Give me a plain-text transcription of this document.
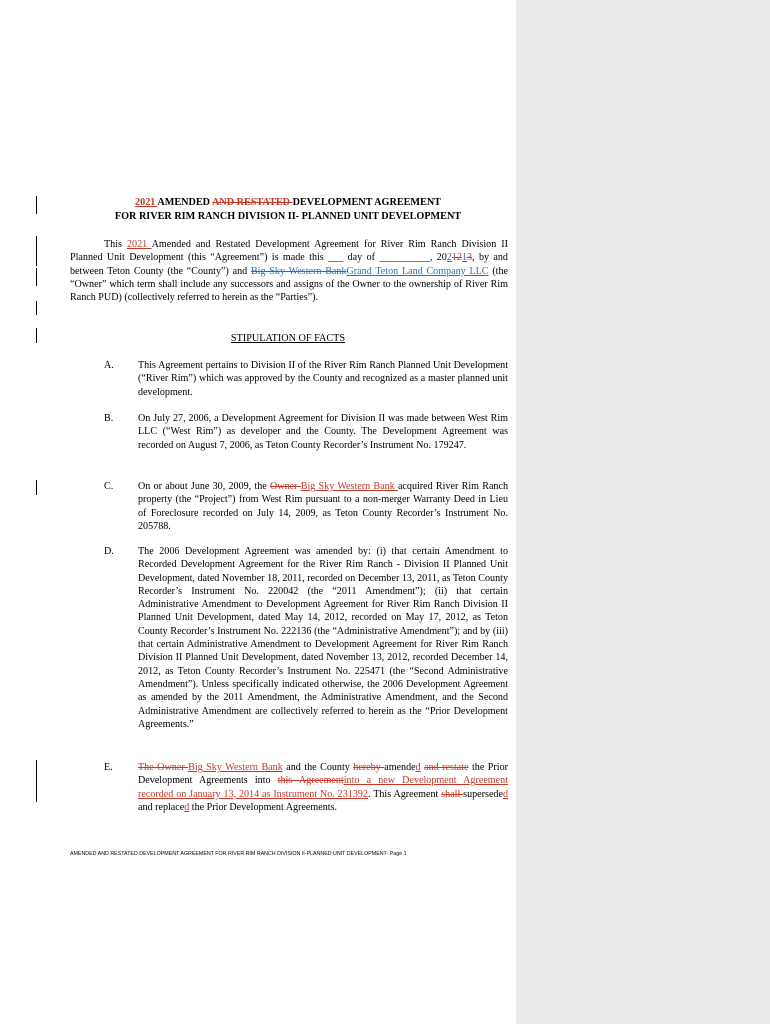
2021 AMENDED AND RESTATED DEVELOPMENT AGREEMENT
FOR RIVER RIM RANCH DIVISION II- PLANNED UNIT DEVELOPMENT
This 2021 Amended and Restated Development Agreement for River Rim Ranch Division II Planned Unit Development (this “Agreement”) is made this ___ day of __________, 2021213, by and between Teton County (the “County”) and Big Sky Western BankGrand Teton Land Company LLC (the “Owner” which term shall include any successors and assigns of the Owner to the ownership of River Rim Ranch PUD) (collectively referred to herein as the “Parties”).
STIPULATION OF FACTS
A. This Agreement pertains to Division II of the River Rim Ranch Planned Unit Development (“River Rim”) which was approved by the County and recognized as a master planned unit development.
B. On July 27, 2006, a Development Agreement for Division II was made between West Rim LLC (“West Rim”) as developer and the County. The Development Agreement was recorded on August 7, 2006, as Teton County Recorder’s Instrument No. 179247.
C. On or about June 30, 2009, the Owner Big Sky Western Bank acquired River Rim Ranch property (the “Project”) from West Rim pursuant to a non-merger Warranty Deed in Lieu of Foreclosure recorded on July 14, 2009, as Teton County Recorder’s Instrument No. 205788.
D. The 2006 Development Agreement was amended by: (i) that certain Amendment to Recorded Development Agreement for the River Rim Ranch - Division II Planned Unit Development, dated November 18, 2011, recorded on December 13, 2011, as Teton County Recorder’s Instrument No. 220042 (the “2011 Amendment”); (ii) that certain Administrative Amendment to Development Agreement for River Rim Ranch Division II Planned Unit Development, dated May 14, 2012, recorded on May 17, 2012, as Teton County Recorder’s Instrument No. 222136 (the “Administrative Amendment”); and by (iii) that certain Administrative Amendment to Development Agreement for River Rim Ranch Division II Planned Unit Development, dated November 13, 2012, recorded December 14, 2012, as Teton County Recorder’s Instrument No. 225471 (the “Second Administrative Amendment”). Unless specifically indicated otherwise, the 2006 Development Agreement as amended by the 2011 Amendment, the Administrative Amendment, and the Second Administrative Amendment are collectively referred to herein as the “Prior Development Agreements.”
E.	The Owner Big Sky Western Bank and the County hereby amended and restate the Prior Development Agreements into this Agreementinto a new Development Agreement recorded on January 13, 2014 as Instrument No. 231392. This Agreement shall superseded and replaced the Prior Development Agreements.
AMENDED AND RESTATED DEVELOPMENT AGREEMENT FOR RIVER RIM RANCH DIVISION II-PLANNED UNIT DEVELOPMENT- Page 1
